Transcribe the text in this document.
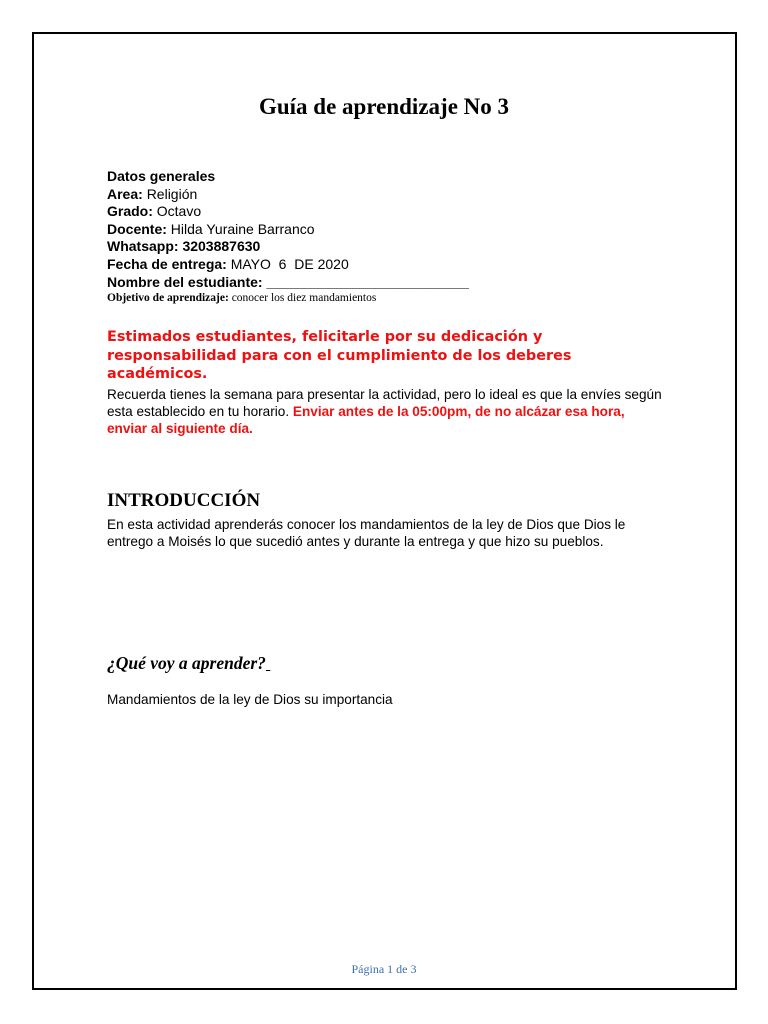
Guía de aprendizaje No 3
Datos generales
Area: Religión
Grado: Octavo
Docente: Hilda Yuraine Barranco
Whatsapp: 3203887630
Fecha de entrega: MAYO  6  DE 2020
Nombre del estudiante: __________________________
Objetivo de aprendizaje: conocer los diez mandamientos

Estimados estudiantes, felicitarle por su dedicación y responsabilidad para con el cumplimiento de los deberes académicos.

Recuerda tienes la semana para presentar la actividad, pero lo ideal es que la envíes según esta establecido en tu horario. Enviar antes de la 05:00pm, de no alcázar esa hora, enviar al siguiente día.

INTRODUCCIÓN

En esta actividad aprenderás conocer los mandamientos de la ley de Dios que Dios le entrego a Moisés lo que sucedió antes y durante la entrega y que hizo su pueblos.

¿Qué voy a aprender?

Mandamientos de la ley de Dios su importancia

Página 1 de 3
